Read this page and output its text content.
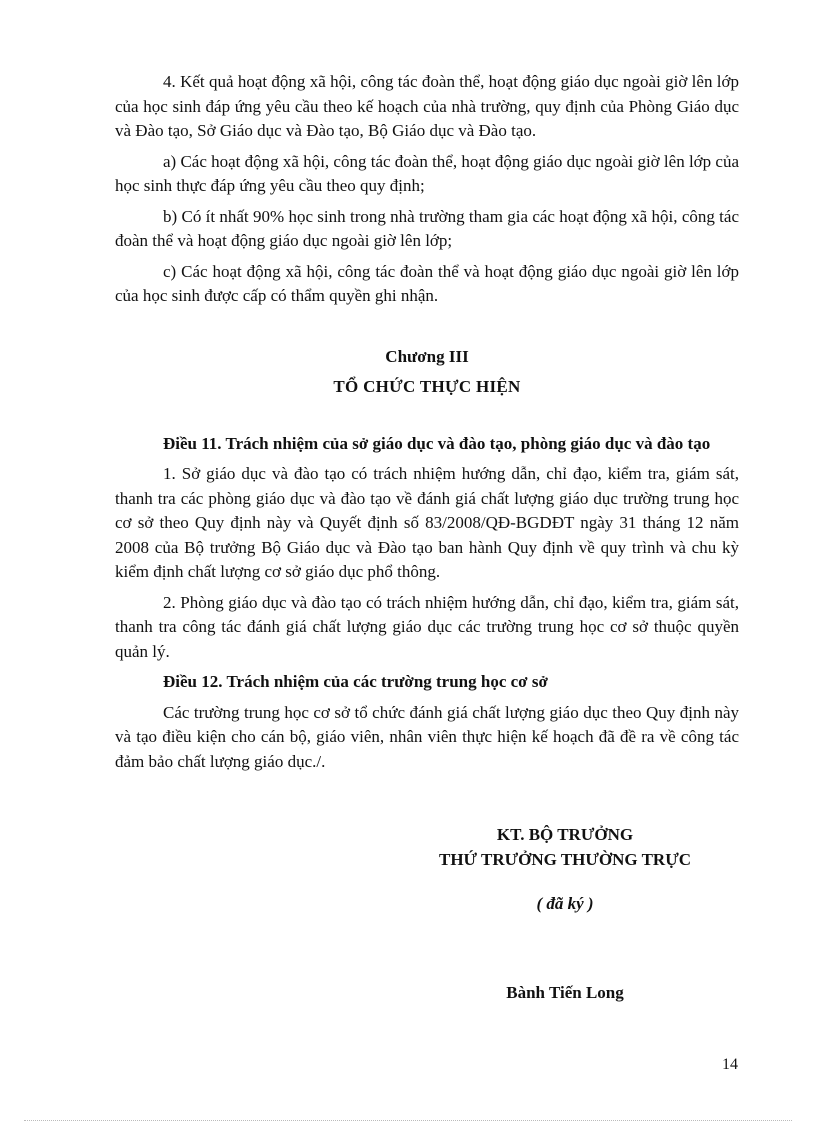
4. Kết quả hoạt động xã hội, công tác đoàn thể, hoạt động giáo dục ngoài giờ lên lớp của học sinh đáp ứng yêu cầu theo kế hoạch của nhà trường, quy định của Phòng Giáo dục và Đào tạo, Sở Giáo dục và Đào tạo, Bộ Giáo dục và Đào tạo.

a) Các hoạt động xã hội, công tác đoàn thể, hoạt động giáo dục ngoài giờ lên lớp của học sinh thực đáp ứng yêu cầu theo quy định;

b) Có ít nhất 90% học sinh trong nhà trường tham gia các hoạt động xã hội, công tác đoàn thể và hoạt động giáo dục ngoài giờ lên lớp;

c) Các hoạt động xã hội, công tác đoàn thể và hoạt động giáo dục ngoài giờ lên lớp của học sinh được cấp có thẩm quyền ghi nhận.

Chương III

TỔ CHỨC THỰC HIỆN

Điều 11. Trách nhiệm của sở giáo dục và đào tạo, phòng giáo dục và đào tạo

1. Sở giáo dục và đào tạo có trách nhiệm hướng dẫn, chỉ đạo, kiểm tra, giám sát, thanh tra các phòng giáo dục và đào tạo về đánh giá chất lượng giáo dục trường trung học cơ sở theo Quy định này và Quyết định số 83/2008/QĐ-BGDĐT ngày 31 tháng 12 năm 2008 của Bộ trưởng Bộ Giáo dục và Đào tạo ban hành Quy định về quy trình và chu kỳ kiểm định chất lượng cơ sở giáo dục phổ thông.

2. Phòng giáo dục và đào tạo có trách nhiệm hướng dẫn, chỉ đạo, kiểm tra, giám sát, thanh tra công tác đánh giá chất lượng giáo dục các trường trung học cơ sở thuộc quyền quản lý.

Điều 12. Trách nhiệm của các trường trung học cơ sở

Các trường trung học cơ sở tổ chức đánh giá chất lượng giáo dục theo Quy định này và tạo điều kiện cho cán bộ, giáo viên, nhân viên thực hiện kế hoạch đã đề ra về công tác đảm bảo chất lượng giáo dục./.

KT. BỘ TRƯỞNG
THỨ TRƯỞNG THƯỜNG TRỰC
( đã ký )
Bành Tiến Long
14
